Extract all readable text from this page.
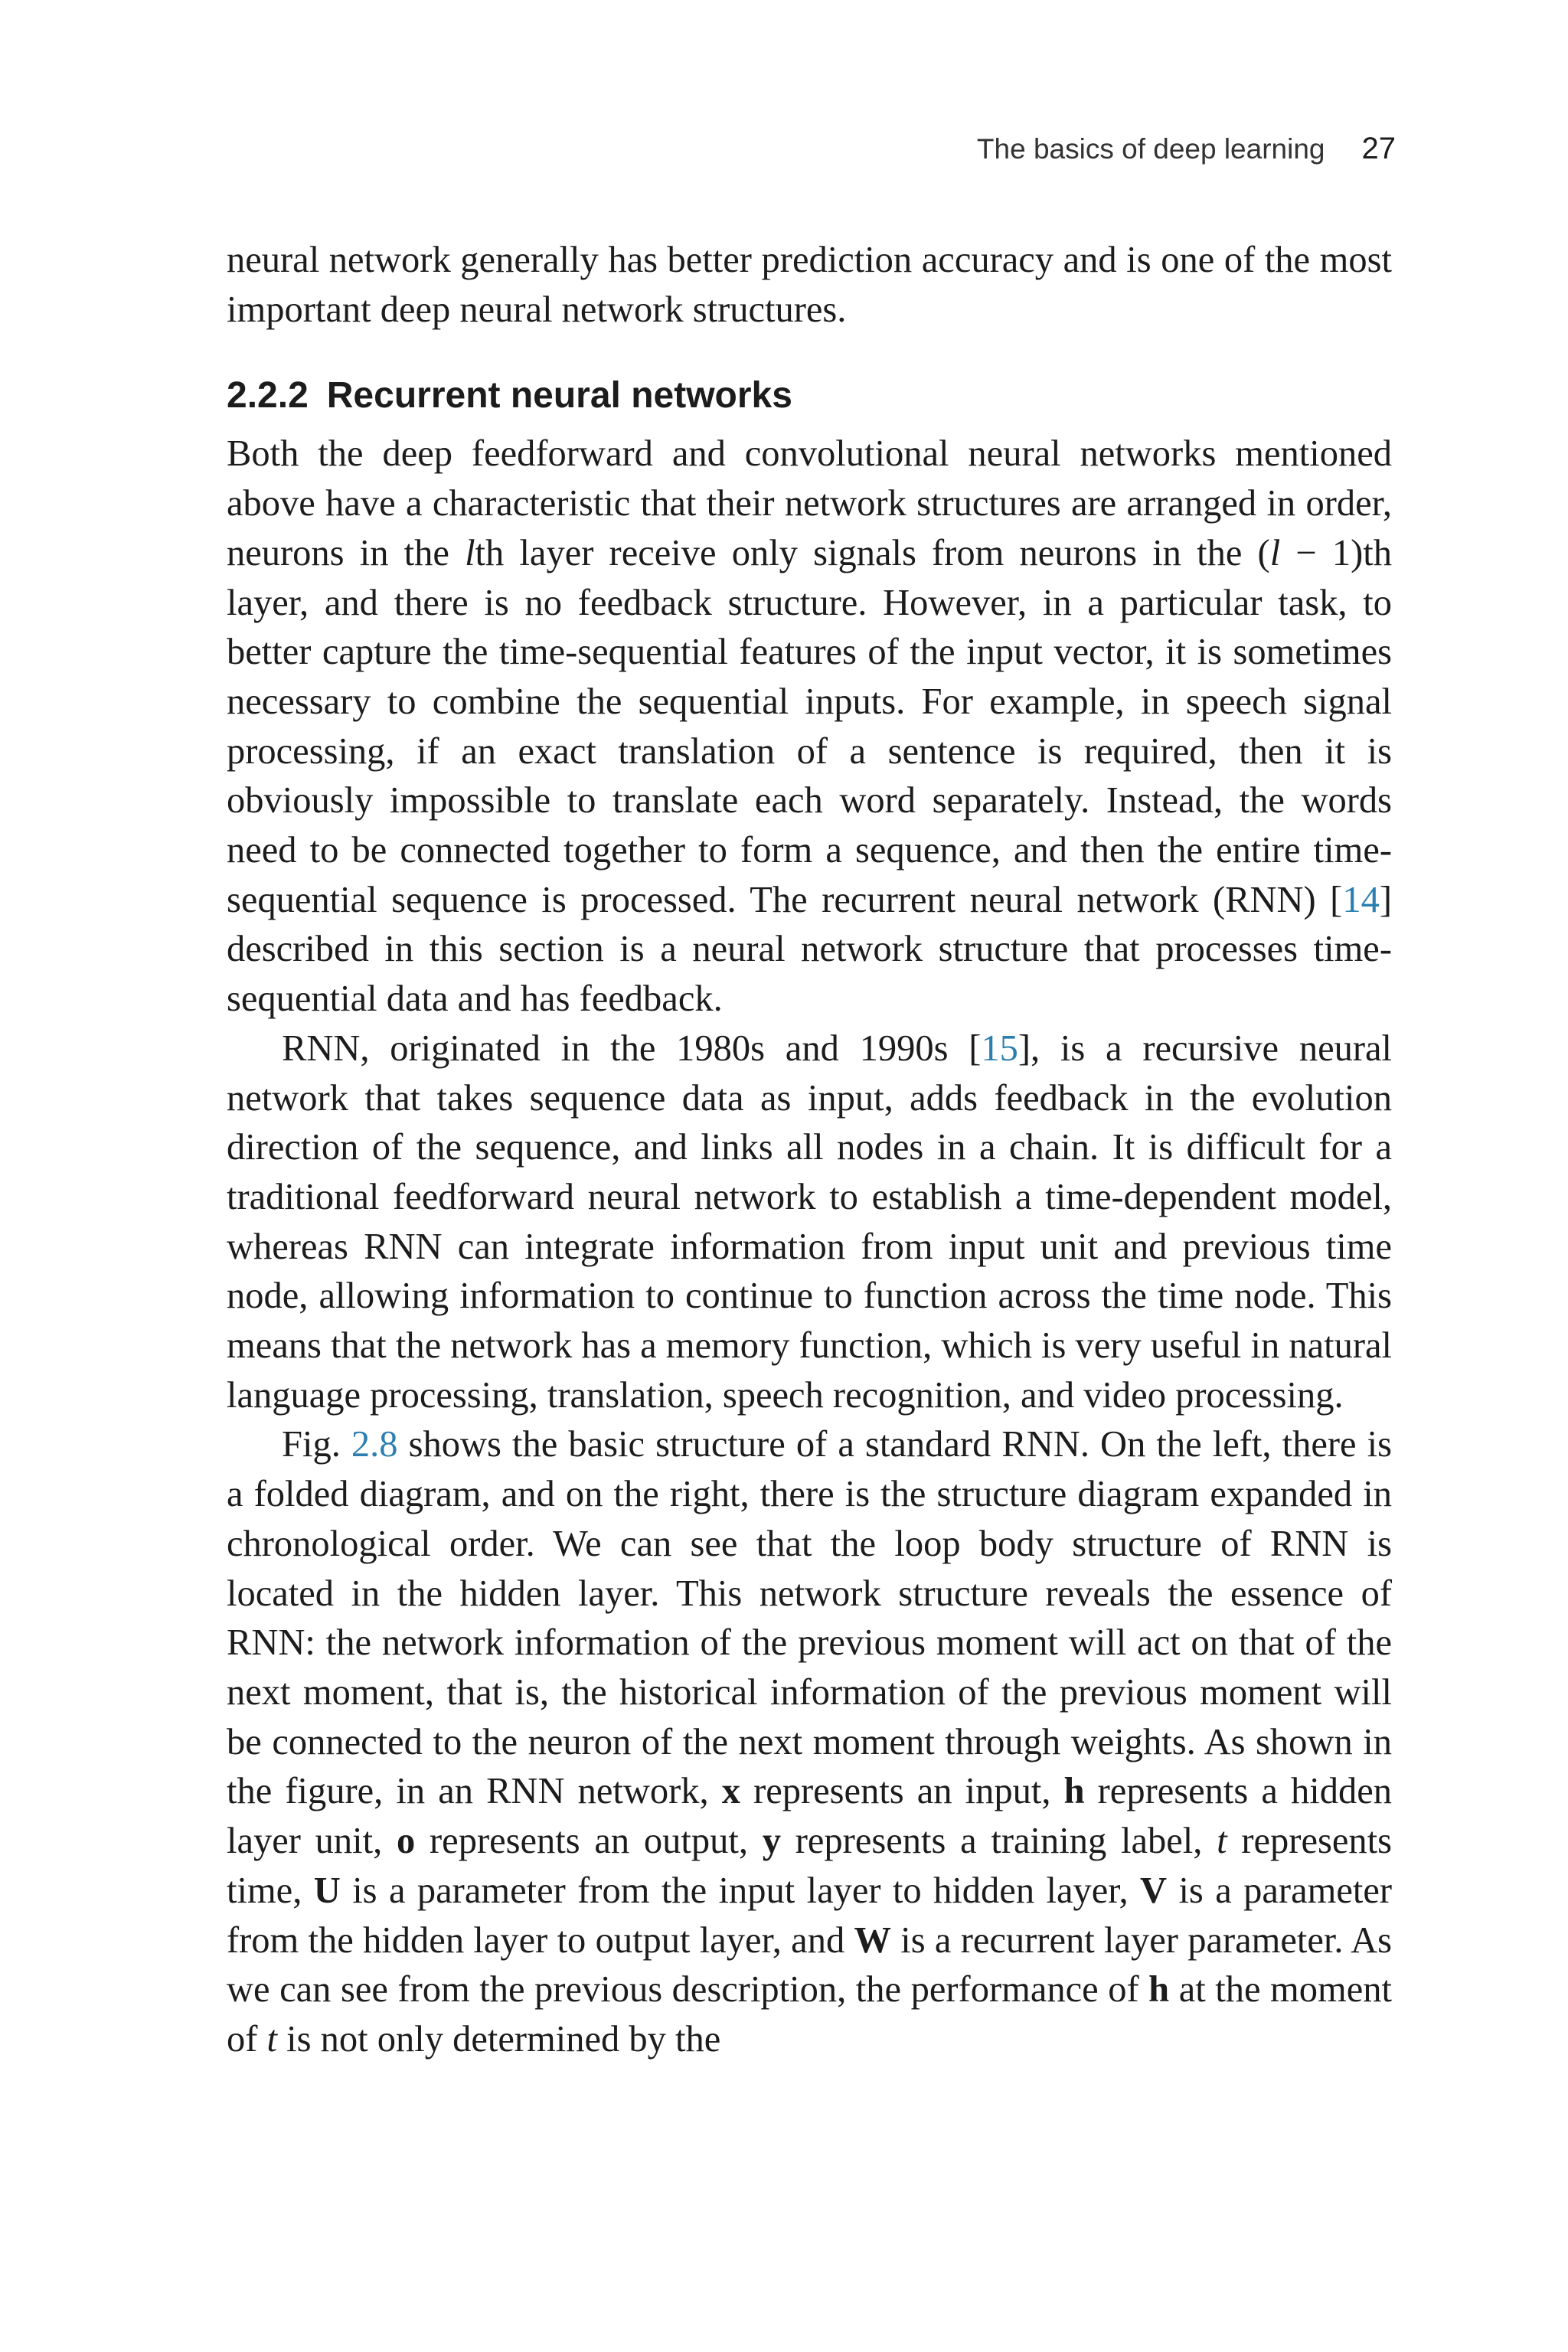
The basics of deep learning 27

neural network generally has better prediction accuracy and is one of the most important deep neural network structures.

2.2.2 Recurrent neural networks

Both the deep feedforward and convolutional neural networks mentioned above have a characteristic that their network structures are arranged in order, neurons in the lth layer receive only signals from neurons in the (l − 1)th layer, and there is no feedback structure. However, in a particular task, to better capture the time-sequential features of the input vector, it is sometimes necessary to combine the sequential inputs. For example, in speech signal processing, if an exact translation of a sentence is required, then it is obviously impossible to translate each word separately. Instead, the words need to be connected together to form a sequence, and then the entire time-sequential sequence is processed. The recurrent neural network (RNN) [14] described in this section is a neural network structure that processes time-sequential data and has feedback.

RNN, originated in the 1980s and 1990s [15], is a recursive neural network that takes sequence data as input, adds feedback in the evolution direction of the sequence, and links all nodes in a chain. It is difficult for a traditional feedforward neural network to establish a time-dependent model, whereas RNN can integrate information from input unit and previous time node, allowing information to continue to function across the time node. This means that the network has a memory function, which is very useful in natural language processing, translation, speech recognition, and video processing.

Fig. 2.8 shows the basic structure of a standard RNN. On the left, there is a folded diagram, and on the right, there is the structure diagram expanded in chronological order. We can see that the loop body structure of RNN is located in the hidden layer. This network structure reveals the essence of RNN: the network information of the previous moment will act on that of the next moment, that is, the historical information of the previous moment will be connected to the neuron of the next moment through weights. As shown in the figure, in an RNN network, x represents an input, h represents a hidden layer unit, o represents an output, y represents a training label, t represents time, U is a parameter from the input layer to hidden layer, V is a parameter from the hidden layer to output layer, and W is a recurrent layer parameter. As we can see from the previous description, the performance of h at the moment of t is not only determined by the
